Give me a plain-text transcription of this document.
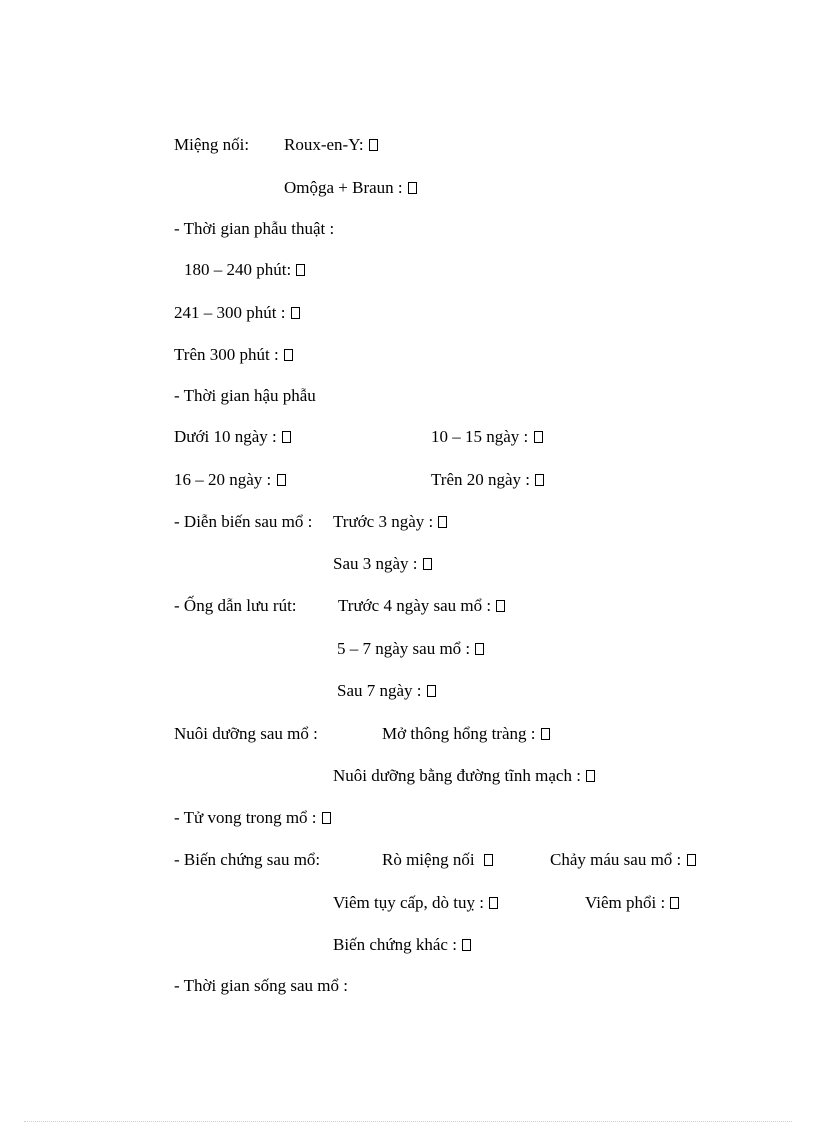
Miệng nối: Roux-en-Y:
Omộga + Braun :
- Thời gian phẫu thuật :
180 – 240 phút:
241 – 300 phút :
Trên 300 phút :
- Thời gian hậu phẫu
Dưới 10 ngày :	10 – 15 ngày :
16 – 20 ngày :	Trên 20 ngày :
- Diễn biến sau mổ : Trước 3 ngày :
Sau 3 ngày :
- Ống dẫn lưu rút: Trước 4 ngày sau mổ :
5 – 7 ngày sau mổ :
Sau 7 ngày :
Nuôi dưỡng sau mổ :	Mở thông hổng tràng :
Nuôi dưỡng bằng đường tĩnh mạch :
- Tử vong trong mổ :
- Biến chứng sau mổ:	Rò miệng nối	Chảy máu sau mổ :
Viêm tụy cấp, dò tuỵ :	Viêm phổi :
Biến chứng khác :
- Thời gian sống sau mổ :
